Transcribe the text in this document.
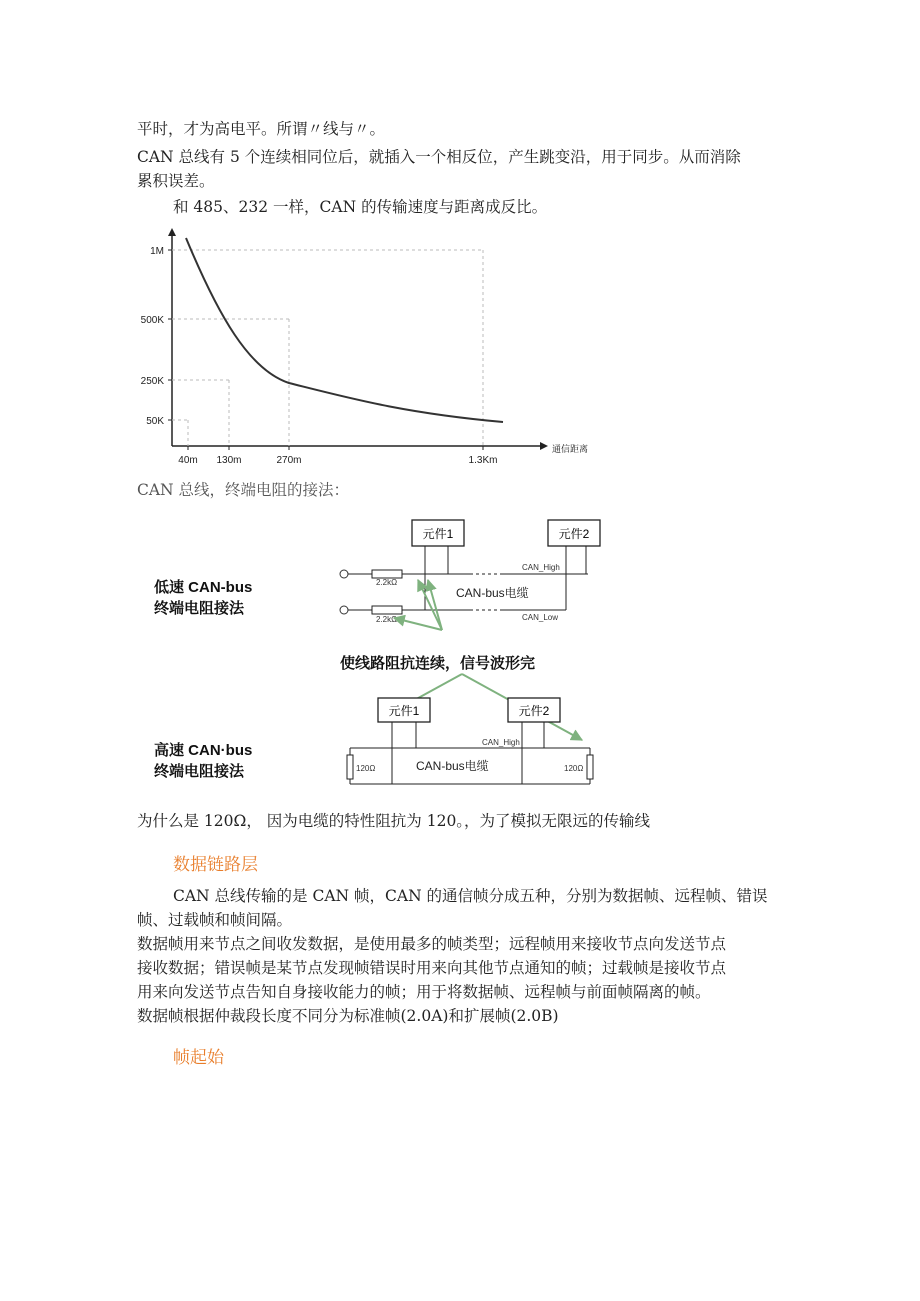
平时，才为高电平。所谓〃线与〃。

CAN 总线有 5 个连续相同位后，就插入一个相反位，产生跳变沿，用于同步。从而消除

累积误差。

和 485、232 一样，CAN 的传输速度与距离成反比。

50K
40m
250K
130m
500K
270m
1M
1.3Km
通信距离

CAN 总线，终端电阻的接法：

低速 CAN-bus
终端电阻接法
元件1	元件2
2.2kΩ
2.2kΩ
CAN_High
CAN_Low
CAN-bus电缆
使线路阻抗连续，信号波形完
高速 CAN·bus
终端电阻接法
元件1	元件2
CAN_High
CAN-bus电缆
120Ω	120Ω

为什么是 120Ω， 因为电缆的特性阻抗为 120。，为了模拟无限远的传输线

数据链路层

CAN 总线传输的是 CAN 帧，CAN 的通信帧分成五种，分别为数据帧、远程帧、错误

帧、过载帧和帧间隔。

数据帧用来节点之间收发数据，是使用最多的帧类型；远程帧用来接收节点向发送节点

接收数据；错误帧是某节点发现帧错误时用来向其他节点通知的帧；过载帧是接收节点

用来向发送节点告知自身接收能力的帧；用于将数据帧、远程帧与前面帧隔离的帧。

数据帧根据仲裁段长度不同分为标准帧(2.0A)和扩展帧(2.0B)

帧起始
